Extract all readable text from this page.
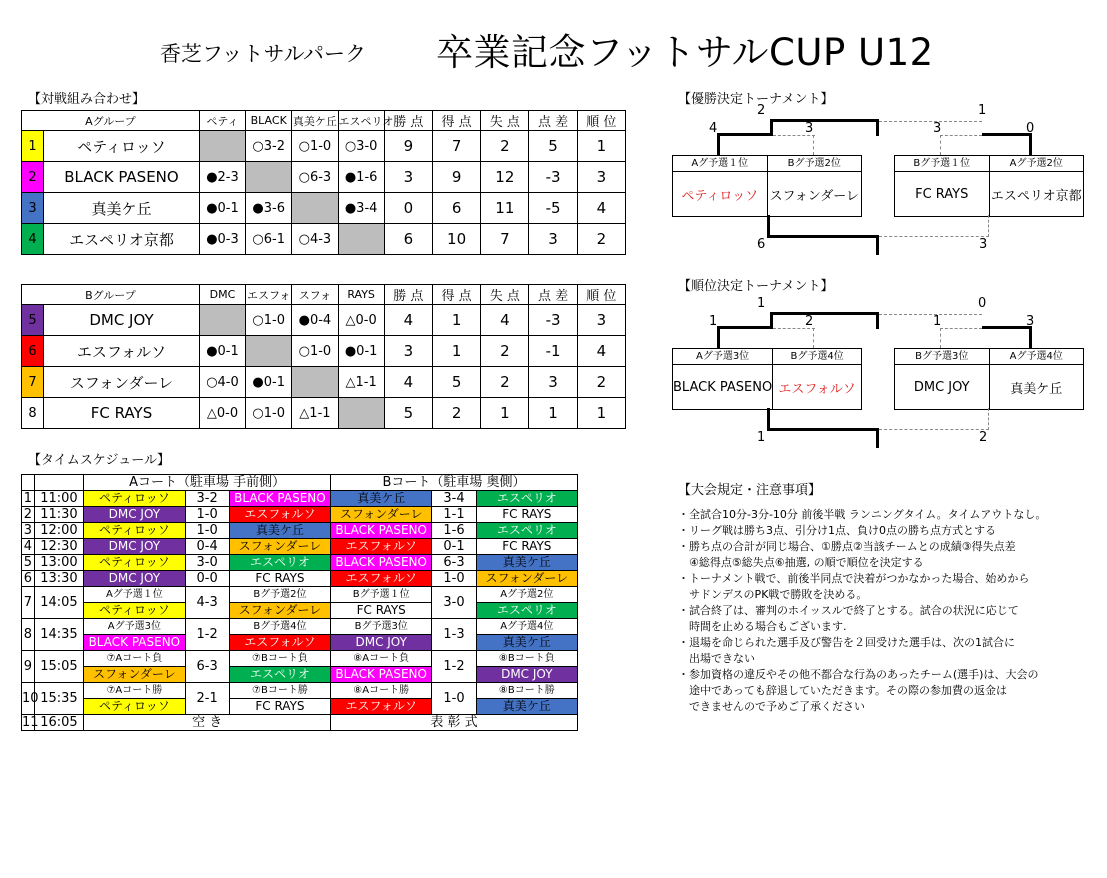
香芝フットサルパーク 卒業記念フットサルCUP U12
【対戦組み合わせ】
Aグループ		ペティ	BLACK	真美ケ丘	エスペリオ	勝 点	得 点	失 点	点 差	順 位
1	ペティロッソ		○3-2	○1-0	○3-0	9	7	2	5	1
2	BLACK PASENO	●2-3		○6-3	●1-6	3	9	12	-3	3
3	真美ケ丘	●0-1	●3-6		●3-4	0	6	11	-5	4
4	エスペリオ京都	●0-3	○6-1	○4-3		6	10	7	3	2
Bグループ		DMC	エスフォ	スフォ	RAYS	勝 点	得 点	失 点	点 差	順 位
5	DMC JOY		○1-0	●0-4	△0-0	4	1	4	-3	3
6	エスフォルソ	●0-1		○1-0	●0-1	3	1	2	-1	4
7	スフォンダーレ	○4-0	●0-1		△1-1	4	5	2	3	2
8	FC RAYS	△0-0	○1-0	△1-1		5	2	1	1	1
【タイムスケジュール】
		Aコート（駐車場 手前側）			Bコート（駐車場 奥側）		
1	11:00	ペティロッソ	3-2	BLACK PASENO	真美ケ丘	3-4	エスペリオ
2	11:30	DMC JOY	1-0	エスフォルソ	スフォンダーレ	1-1	FC RAYS
3	12:00	ペティロッソ	1-0	真美ケ丘	BLACK PASENO	1-6	エスペリオ
4	12:30	DMC JOY	0-4	スフォンダーレ	エスフォルソ	0-1	FC RAYS
5	13:00	ペティロッソ	3-0	エスペリオ	BLACK PASENO	6-3	真美ケ丘
6	13:30	DMC JOY	0-0	FC RAYS	エスフォルソ	1-0	スフォンダーレ
7	14:05	Aグ予選１位	4-3	Bグ予選2位	Bグ予選１位	3-0	Aグ予選2位
		ペティロッソ		スフォンダーレ	FC RAYS		エスペリオ
8	14:35	Aグ予選3位	1-2	Bグ予選4位	Bグ予選3位	1-3	Aグ予選4位
		BLACK PASENO		エスフォルソ	DMC JOY		真美ケ丘
9	15:05	⑦Aコート負	6-3	⑦Bコート負	⑧Aコート負	1-2	⑧Bコート負
		スフォンダーレ		エスペリオ	BLACK PASENO		DMC JOY
10	15:35	⑦Aコート勝	2-1	⑦Bコート勝	⑧Aコート勝	1-0	⑧Bコート勝
		ペティロッソ		FC RAYS	エスフォルソ		真美ケ丘
11	16:05	空 き			表 彰 式		
【優勝決定トーナメント】
Aグ予選１位
ペティロッソ
Bグ予選2位
スフォンダーレ
Bグ予選１位
FC RAYS
Aグ予選2位
エスペリオ京都
4	3
2
3	0
1
6	3
【順位決定トーナメント】
Aグ予選3位
BLACK PASENO
Bグ予選4位
エスフォルソ
Bグ予選3位
DMC JOY
Aグ予選4位
真美ケ丘
1	2
1
1	3
0
1	2
【大会規定・注意事項】

・全試合10分-3分-10分 前後半戦 ランニングタイム。タイムアウトなし。

・リーグ戦は勝ち3点、引分け1点、負け0点の勝ち点方式とする

・勝ち点の合計が同じ場合、①勝点②当該チームとの成績③得失点差

　④総得点⑤総失点⑥抽選, の順で順位を決定する

・トーナメント戦で、前後半同点で決着がつかなかった場合、始めから

　サドンデスのPK戦で勝敗を決める。

・試合終了は、審判のホイッスルで終了とする。試合の状況に応じて

　時間を止める場合もございます.

・退場を命じられた選手及び警告を２回受けた選手は、次の1試合に

　出場できない

・参加資格の違反やその他不都合な行為のあったチーム(選手)は、大会の

　途中であっても辞退していただきます。その際の参加費の返金は

　できませんので予めご了承ください
